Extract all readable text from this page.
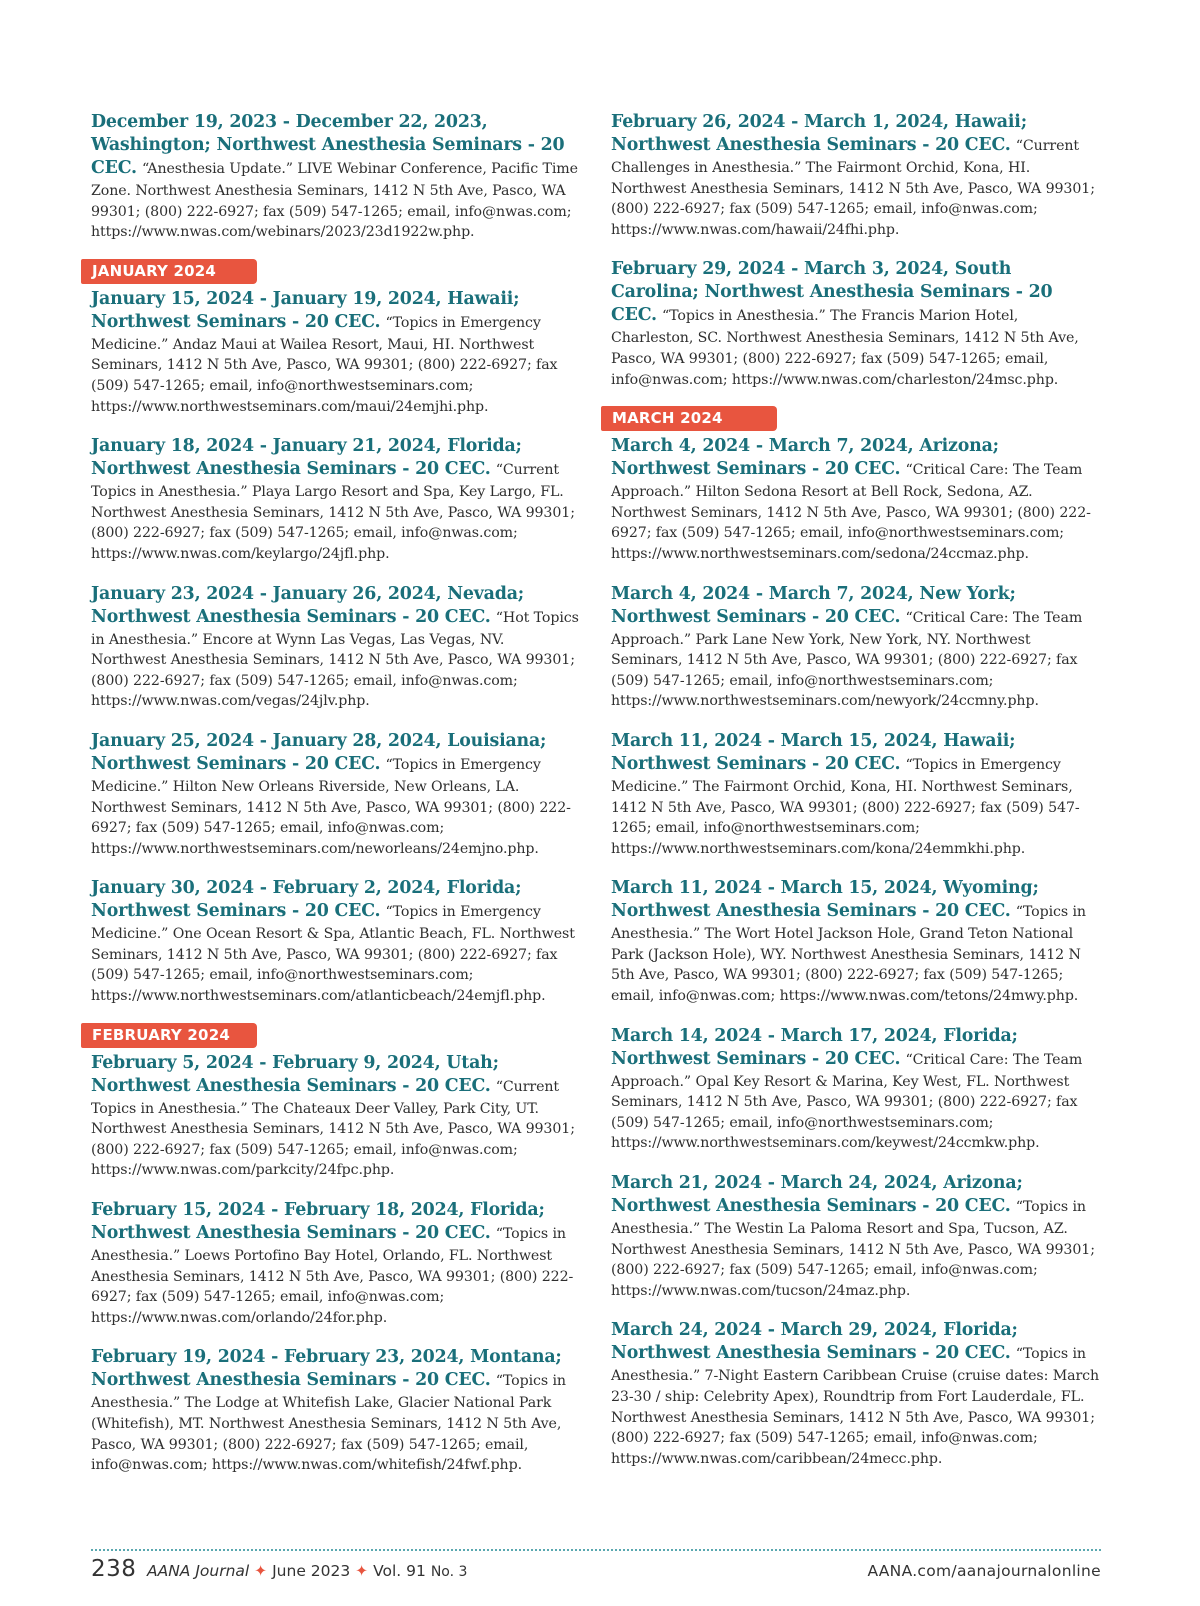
December 19, 2023 - December 22, 2023, Washington; Northwest Anesthesia Seminars - 20 CEC. “Anesthesia Update.” LIVE Webinar Conference, Pacific Time Zone. Northwest Anesthesia Seminars, 1412 N 5th Ave, Pasco, WA 99301; (800) 222-6927; fax (509) 547-1265; email, info@nwas.com; https://www.nwas.com/webinars/2023/23d1922w.php.
JANUARY 2024
January 15, 2024 - January 19, 2024, Hawaii; Northwest Seminars - 20 CEC. “Topics in Emergency Medicine.” Andaz Maui at Wailea Resort, Maui, HI. Northwest Seminars, 1412 N 5th Ave, Pasco, WA 99301; (800) 222-6927; fax (509) 547-1265; email, info@northwestseminars.com; https://www.northwestseminars.com/maui/24emjhi.php.
January 18, 2024 - January 21, 2024, Florida; Northwest Anesthesia Seminars - 20 CEC. “Current Topics in Anesthesia.” Playa Largo Resort and Spa, Key Largo, FL. Northwest Anesthesia Seminars, 1412 N 5th Ave, Pasco, WA 99301; (800) 222-6927; fax (509) 547-1265; email, info@nwas.com; https://www.nwas.com/keylargo/24jfl.php.
January 23, 2024 - January 26, 2024, Nevada; Northwest Anesthesia Seminars - 20 CEC. “Hot Topics in Anesthesia.” Encore at Wynn Las Vegas, Las Vegas, NV. Northwest Anesthesia Seminars, 1412 N 5th Ave, Pasco, WA 99301; (800) 222-6927; fax (509) 547-1265; email, info@nwas.com; https://www.nwas.com/vegas/24jlv.php.
January 25, 2024 - January 28, 2024, Louisiana; Northwest Seminars - 20 CEC. “Topics in Emergency Medicine.” Hilton New Orleans Riverside, New Orleans, LA. Northwest Seminars, 1412 N 5th Ave, Pasco, WA 99301; (800) 222-6927; fax (509) 547-1265; email, info@nwas.com; https://www.northwestseminars.com/neworleans/24emjno.php.
January 30, 2024 - February 2, 2024, Florida; Northwest Seminars - 20 CEC. “Topics in Emergency Medicine.” One Ocean Resort & Spa, Atlantic Beach, FL. Northwest Seminars, 1412 N 5th Ave, Pasco, WA 99301; (800) 222-6927; fax (509) 547-1265; email, info@northwestseminars.com; https://www.northwestseminars.com/atlanticbeach/24emjfl.php.
FEBRUARY 2024
February 5, 2024 - February 9, 2024, Utah; Northwest Anesthesia Seminars - 20 CEC. “Current Topics in Anesthesia.” The Chateaux Deer Valley, Park City, UT. Northwest Anesthesia Seminars, 1412 N 5th Ave, Pasco, WA 99301; (800) 222-6927; fax (509) 547-1265; email, info@nwas.com; https://www.nwas.com/parkcity/24fpc.php.
February 15, 2024 - February 18, 2024, Florida; Northwest Anesthesia Seminars - 20 CEC. “Topics in Anesthesia.” Loews Portofino Bay Hotel, Orlando, FL. Northwest Anesthesia Seminars, 1412 N 5th Ave, Pasco, WA 99301; (800) 222-6927; fax (509) 547-1265; email, info@nwas.com; https://www.nwas.com/orlando/24for.php.
February 19, 2024 - February 23, 2024, Montana; Northwest Anesthesia Seminars - 20 CEC. “Topics in Anesthesia.” The Lodge at Whitefish Lake, Glacier National Park (Whitefish), MT. Northwest Anesthesia Seminars, 1412 N 5th Ave, Pasco, WA 99301; (800) 222-6927; fax (509) 547-1265; email, info@nwas.com; https://www.nwas.com/whitefish/24fwf.php.
February 26, 2024 - March 1, 2024, Hawaii; Northwest Anesthesia Seminars - 20 CEC. “Current Challenges in Anesthesia.” The Fairmont Orchid, Kona, HI. Northwest Anesthesia Seminars, 1412 N 5th Ave, Pasco, WA 99301; (800) 222-6927; fax (509) 547-1265; email, info@nwas.com; https://www.nwas.com/hawaii/24fhi.php.
February 29, 2024 - March 3, 2024, South Carolina; Northwest Anesthesia Seminars - 20 CEC. “Topics in Anesthesia.” The Francis Marion Hotel, Charleston, SC. Northwest Anesthesia Seminars, 1412 N 5th Ave, Pasco, WA 99301; (800) 222-6927; fax (509) 547-1265; email, info@nwas.com; https://www.nwas.com/charleston/24msc.php.
MARCH 2024
March 4, 2024 - March 7, 2024, Arizona; Northwest Seminars - 20 CEC. “Critical Care: The Team Approach.” Hilton Sedona Resort at Bell Rock, Sedona, AZ. Northwest Seminars, 1412 N 5th Ave, Pasco, WA 99301; (800) 222-6927; fax (509) 547-1265; email, info@northwestseminars.com; https://www.northwestseminars.com/sedona/24ccmaz.php.
March 4, 2024 - March 7, 2024, New York; Northwest Seminars - 20 CEC. “Critical Care: The Team Approach.” Park Lane New York, New York, NY. Northwest Seminars, 1412 N 5th Ave, Pasco, WA 99301; (800) 222-6927; fax (509) 547-1265; email, info@northwestseminars.com; https://www.northwestseminars.com/newyork/24ccmny.php.
March 11, 2024 - March 15, 2024, Hawaii; Northwest Seminars - 20 CEC. “Topics in Emergency Medicine.” The Fairmont Orchid, Kona, HI. Northwest Seminars, 1412 N 5th Ave, Pasco, WA 99301; (800) 222-6927; fax (509) 547-1265; email, info@northwestseminars.com; https://www.northwestseminars.com/kona/24emmkhi.php.
March 11, 2024 - March 15, 2024, Wyoming; Northwest Anesthesia Seminars - 20 CEC. “Topics in Anesthesia.” The Wort Hotel Jackson Hole, Grand Teton National Park (Jackson Hole), WY. Northwest Anesthesia Seminars, 1412 N 5th Ave, Pasco, WA 99301; (800) 222-6927; fax (509) 547-1265; email, info@nwas.com; https://www.nwas.com/tetons/24mwy.php.
March 14, 2024 - March 17, 2024, Florida; Northwest Seminars - 20 CEC. “Critical Care: The Team Approach.” Opal Key Resort & Marina, Key West, FL. Northwest Seminars, 1412 N 5th Ave, Pasco, WA 99301; (800) 222-6927; fax (509) 547-1265; email, info@northwestseminars.com; https://www.northwestseminars.com/keywest/24ccmkw.php.
March 21, 2024 - March 24, 2024, Arizona; Northwest Anesthesia Seminars - 20 CEC. “Topics in Anesthesia.” The Westin La Paloma Resort and Spa, Tucson, AZ. Northwest Anesthesia Seminars, 1412 N 5th Ave, Pasco, WA 99301; (800) 222-6927; fax (509) 547-1265; email, info@nwas.com; https://www.nwas.com/tucson/24maz.php.
March 24, 2024 - March 29, 2024, Florida; Northwest Anesthesia Seminars - 20 CEC. “Topics in Anesthesia.” 7-Night Eastern Caribbean Cruise (cruise dates: March 23-30 / ship: Celebrity Apex), Roundtrip from Fort Lauderdale, FL. Northwest Anesthesia Seminars, 1412 N 5th Ave, Pasco, WA 99301; (800) 222-6927; fax (509) 547-1265; email, info@nwas.com; https://www.nwas.com/caribbean/24mecc.php.
238 AANA Journal ✦ June 2023 ✦ Vol. 91 No. 3	AANA.com/aanajournalonline
